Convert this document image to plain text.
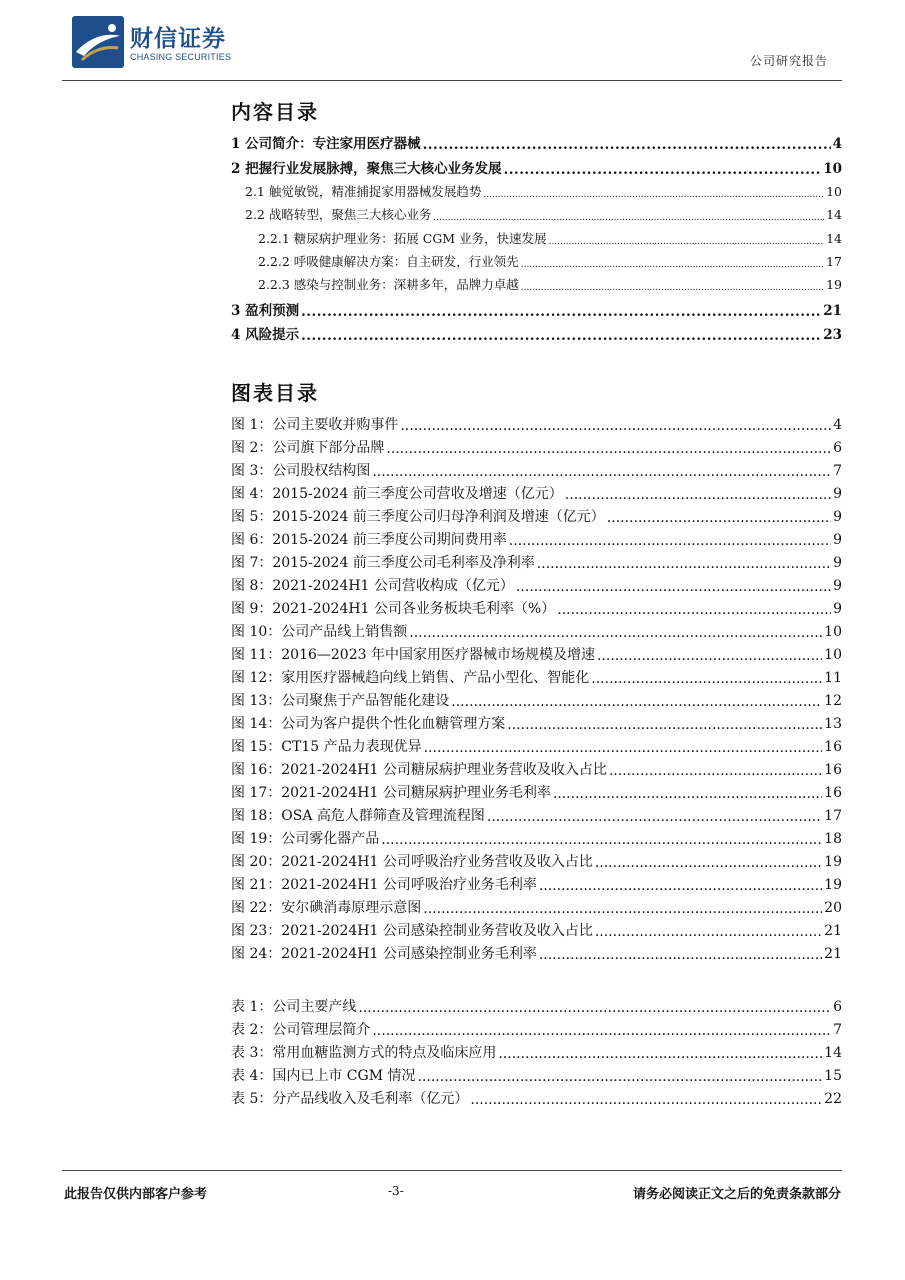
财信证券
CHASING SECURITIES	公司研究报告
内容目录
1 公司简介：专注家用医疗器械 .....	4
2 把握行业发展脉搏，聚焦三大核心业务发展 .....	10
2.1 触觉敏锐，精准捕捉家用器械发展趋势 .....	10
2.2 战略转型，聚焦三大核心业务 .....	14
2.2.1 糖尿病护理业务：拓展 CGM 业务，快速发展 .....	14
2.2.2 呼吸健康解决方案：自主研发，行业领先 .....	17
2.2.3 感染与控制业务：深耕多年，品牌力卓越 .....	19
3 盈利预测 .....	21
4 风险提示 .....	23
图表目录
图 1：公司主要收并购事件 .....	4
图 2：公司旗下部分品牌 .....	6
图 3：公司股权结构图 .....	7
图 4：2015-2024 前三季度公司营收及增速（亿元） .....	9
图 5：2015-2024 前三季度公司归母净利润及增速（亿元） .....	9
图 6：2015-2024 前三季度公司期间费用率 .....	9
图 7：2015-2024 前三季度公司毛利率及净利率 .....	9
图 8：2021-2024H1 公司营收构成（亿元） .....	9
图 9：2021-2024H1 公司各业务板块毛利率（%） .....	9
图 10：公司产品线上销售额 .....	10
图 11：2016—2023 年中国家用医疗器械市场规模及增速 .....	10
图 12：家用医疗器械趋向线上销售、产品小型化、智能化 .....	11
图 13：公司聚焦于产品智能化建设 .....	12
图 14：公司为客户提供个性化血糖管理方案 .....	13
图 15：CT15 产品力表现优异 .....	16
图 16：2021-2024H1 公司糖尿病护理业务营收及收入占比 .....	16
图 17：2021-2024H1 公司糖尿病护理业务毛利率 .....	16
图 18：OSA 高危人群筛查及管理流程图 .....	17
图 19：公司雾化器产品 .....	18
图 20：2021-2024H1 公司呼吸治疗业务营收及收入占比 .....	19
图 21：2021-2024H1 公司呼吸治疗业务毛利率 .....	19
图 22：安尔碘消毒原理示意图 .....	20
图 23：2021-2024H1 公司感染控制业务营收及收入占比 .....	21
图 24：2021-2024H1 公司感染控制业务毛利率 .....	21
表 1：公司主要产线 .....	6
表 2：公司管理层简介 .....	7
表 3：常用血糖监测方式的特点及临床应用 .....	14
表 4：国内已上市 CGM 情况 .....	15
表 5：分产品线收入及毛利率（亿元） .....	22
此报告仅供内部客户参考	-3-	请务必阅读正文之后的免责条款部分
